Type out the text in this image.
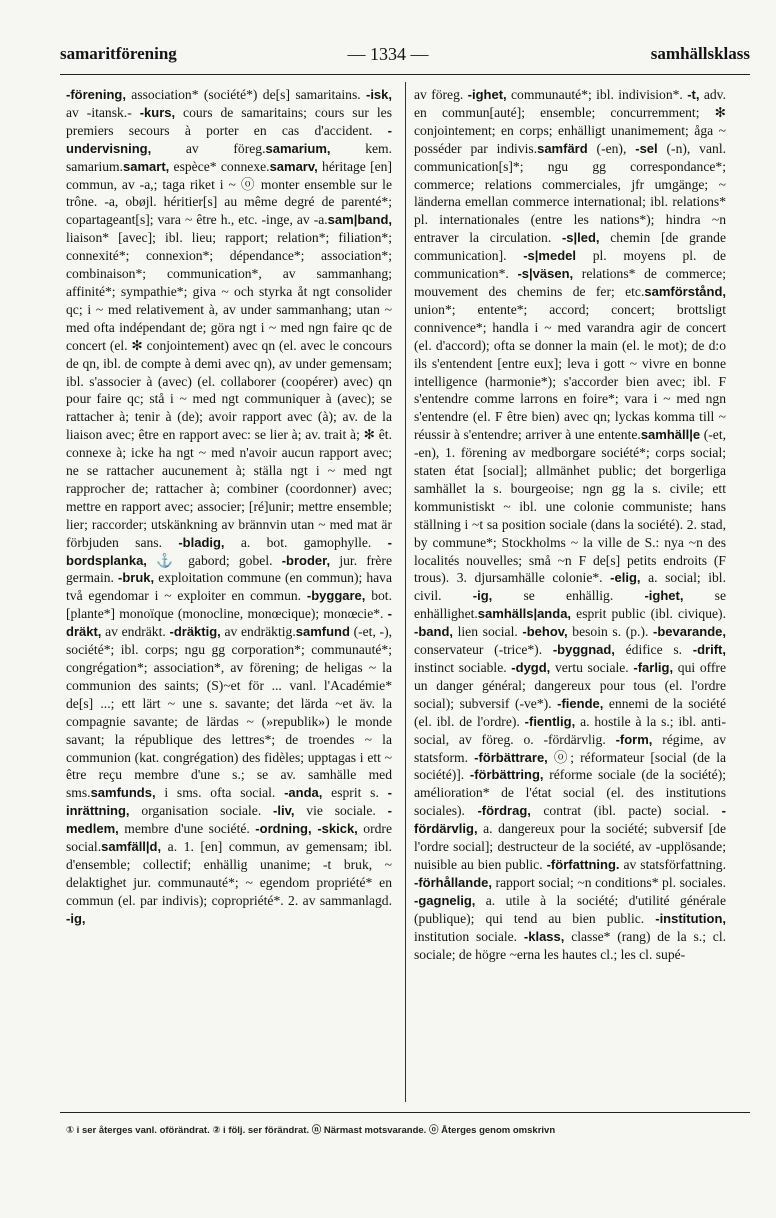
samaritförening	— 1334 —	samhällsklass

-förening, association* (société*) de[s] samaritains. -isk, av -itansk.- -kurs, cours de samaritains; cours sur les premiers secours à porter en cas d'accident. -undervisning, av föreg.samarium, kem. samarium.samart, espèce* connexe.samarv, héritage [en] commun, av -a,; taga riket i ~ ⓞ monter ensemble sur le trône. -a, obøjl. héritier[s] au même degré de parenté*; copartageant[s]; vara ~ être h., etc. -inge, av -a.sam|band, liaison* [avec]; ibl. lieu; rapport; relation*; filiation*; connexité*; connexion*; dépendance*; association*; combinaison*; communication*, av sammanhang; affinité*; sympathie*; giva ~ och styrka åt ngt consolider qc; i ~ med relativement à, av under sammanhang; utan ~ med ofta indépendant de; göra ngt i ~ med ngn faire qc de concert (el. ✻ conjointement) avec qn (el. avec le concours de qn, ibl. de compte à demi avec qn), av under gemensam; ibl. s'associer à (avec) (el. collaborer (coopérer) avec) qn pour faire qc; stå i ~ med ngt communiquer à (avec); se rattacher à; tenir à (de); avoir rapport avec (à); av. de la liaison avec; être en rapport avec: se lier à; av. trait à; ✻ êt. connexe à; icke ha ngt ~ med n'avoir aucun rapport avec; ne se rattacher aucunement à; ställa ngt i ~ med ngt rapprocher de; rattacher à; combiner (coordonner) avec; mettre en rapport avec; associer; [ré]unir; mettre ensemble; lier; raccorder; utskänkning av brännvin utan ~ med mat är förbjuden sans. -bladig, a. bot. gamophylle. -bordsplanka, ⚓ gabord; gobel. -broder, jur. frère germain. -bruk, exploitation commune (en commun); hava två egendomar i ~ exploiter en commun. -byggare, bot. [plante*] monoïque (monocline, monœcique); monœcie*. -dräkt, av endräkt. -dräktig, av endräktig.samfund (-et, -), société*; ibl. corps; ngu gg corporation*; communauté*; congrégation*; association*, av förening; de heligas ~ la communion des saints; (S)~et för ... vanl. l'Académie* de[s] ...; ett lärt ~ une s. savante; det lärda ~et äv. la compagnie savante; de lärdas ~ (»republik») le monde savant; la république des lettres*; de troendes ~ la communion (kat. congrégation) des fidèles; upptagas i ett ~ être reçu membre d'une s.; se av. samhälle med sms.samfunds, i sms. ofta social. -anda, esprit s. -inrättning, organisation sociale. -liv, vie sociale. -medlem, membre d'une société. -ordning, -skick, ordre social.samfäll|d, a. 1. [en] commun, av gemensam; ibl. d'ensemble; collectif; enhällig unanime; -t bruk, ~ delaktighet jur. communauté*; ~ egendom propriété* en commun (el. par indivis); copropriété*. 2. av sammanlagd. -ig,

av föreg. -ighet, communauté*; ibl. indivision*. -t, adv. en commun[auté]; ensemble; concurremment; ✻ conjointement; en corps; enhälligt unanimement; åga ~ posséder par indivis.samfärd (-en), -sel (-n), vanl. communication[s]*; ngu gg correspondance*; commerce; relations commerciales, jfr umgänge; ~ länderna emellan commerce international; ibl. relations* pl. internationales (entre les nations*); hindra ~n entraver la circulation. -s|led, chemin [de grande communication]. -s|medel pl. moyens pl. de communication*. -s|väsen, relations* de commerce; mouvement des chemins de fer; etc.samförstånd, union*; entente*; accord; concert; brottsligt connivence*; handla i ~ med varandra agir de concert (el. d'accord); ofta se donner la main (el. le mot); de d:o ils s'entendent [entre eux]; leva i gott ~ vivre en bonne intelligence (harmonie*); s'accorder bien avec; ibl. F s'entendre comme larrons en foire*; vara i ~ med ngn s'entendre (el. F être bien) avec qn; lyckas komma till ~ réussir à s'entendre; arriver à une entente.samhäll|e (-et, -en), 1. förening av medborgare société*; corps social; staten état [social]; allmänhet public; det borgerliga samhället la s. bourgeoise; ngn gg la s. civile; ett kommunistiskt ~ ibl. une colonie communiste; hans ställning i ~t sa position sociale (dans la société). 2. stad, by commune*; Stockholms ~ la ville de S.: nya ~n des localités nouvelles; små ~n F de[s] petits endroits (F trous). 3. djursamhälle colonie*. -elig, a. social; ibl. civil. -ig, se enhällig. -ighet, se enhällighet.samhälls|anda, esprit public (ibl. civique). -band, lien social. -behov, besoin s. (p.). -bevarande, conservateur (-trice*). -byggnad, édifice s. -drift, instinct sociable. -dygd, vertu sociale. -farlig, qui offre un danger général; dangereux pour tous (el. l'ordre social); subversif (-ve*). -fiende, ennemi de la société (el. ibl. de l'ordre). -fientlig, a. hostile à la s.; ibl. anti-social, av föreg. o. -fördärvlig. -form, régime, av statsform. -förbättrare, ⓞ; réformateur [social (de la société)]. -förbättring, réforme sociale (de la société); amélioration* de l'état social (el. des institutions sociales). -fördrag, contrat (ibl. pacte) social. -fördärvlig, a. dangereux pour la société; subversif [de l'ordre social]; destructeur de la société, av -upplösande; nuisible au bien public. -författning. av statsförfattning. -förhållande, rapport social; ~n conditions* pl. sociales. -gagnelig, a. utile à la société; d'utilité générale (publique); qui tend au bien public. -institution, institution sociale. -klass, classe* (rang) de la s.; cl. sociale; de högre ~erna les hautes cl.; les cl. supé-

① i ser återges vanl. oförändrat. ② i följ. ser förändrat. ⓝ Närmast motsvarande. ⓞ Återges genom omskrivn
